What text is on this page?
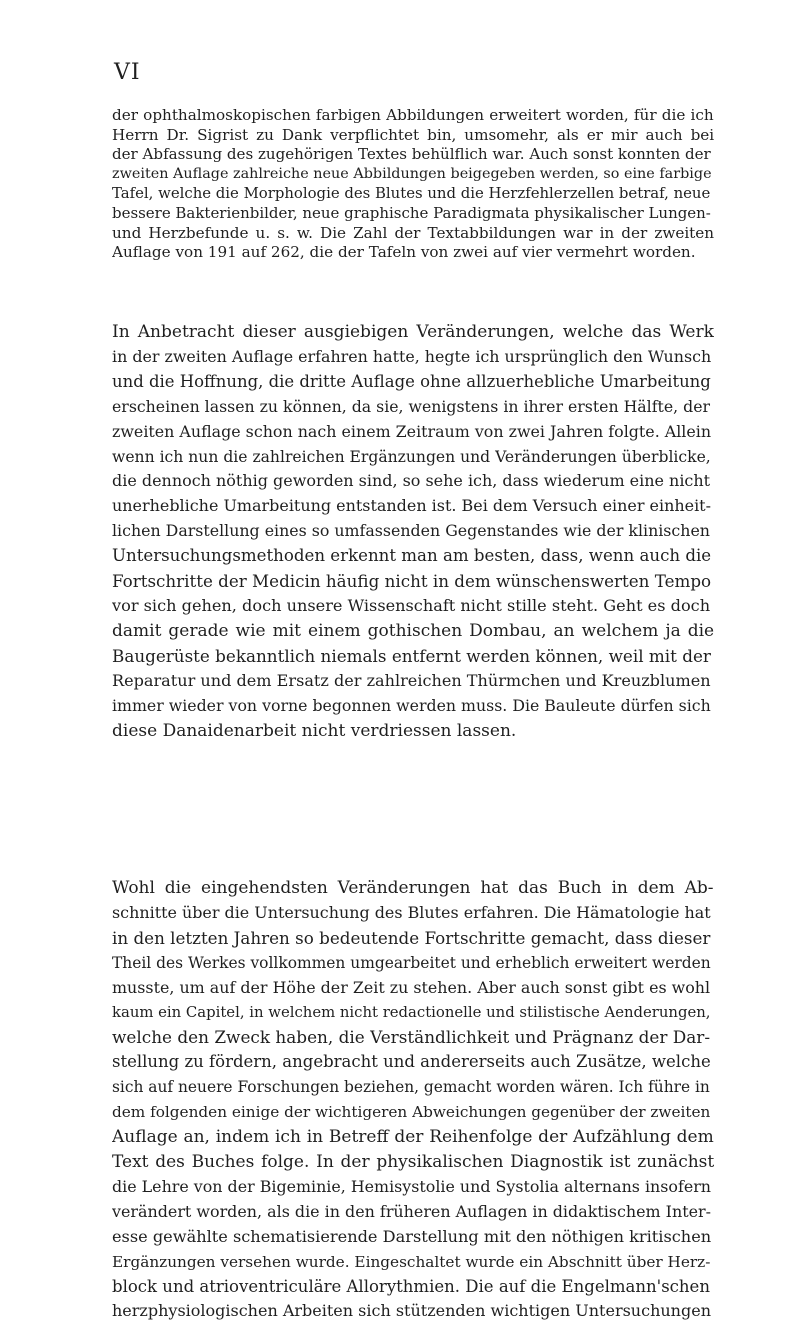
VI
der ophthalmoskopischen farbigen Abbildungen erweitert worden, für die ich
Herrn Dr. Sigrist zu Dank verpflichtet bin, umsomehr, als er mir auch bei
der Abfassung des zugehörigen Textes behülflich war. Auch sonst konnten der
zweiten Auflage zahlreiche neue Abbildungen beigegeben werden, so eine farbige
Tafel, welche die Morphologie des Blutes und die Herzfehlerzellen betraf, neue
bessere Bakterienbilder, neue graphische Paradigmata physikalischer Lungen-
und Herzbefunde u. s. w. Die Zahl der Textabbildungen war in der zweiten
Auflage von 191 auf 262, die der Tafeln von zwei auf vier vermehrt worden.
In Anbetracht dieser ausgiebigen Veränderungen, welche das Werk
in der zweiten Auflage erfahren hatte, hegte ich ursprünglich den Wunsch
und die Hoffnung, die dritte Auflage ohne allzuerhebliche Umarbeitung
erscheinen lassen zu können, da sie, wenigstens in ihrer ersten Hälfte, der
zweiten Auflage schon nach einem Zeitraum von zwei Jahren folgte. Allein
wenn ich nun die zahlreichen Ergänzungen und Veränderungen überblicke,
die dennoch nöthig geworden sind, so sehe ich, dass wiederum eine nicht
unerhebliche Umarbeitung entstanden ist. Bei dem Versuch einer einheit-
lichen Darstellung eines so umfassenden Gegenstandes wie der klinischen
Untersuchungsmethoden erkennt man am besten, dass, wenn auch die
Fortschritte der Medicin häufig nicht in dem wünschenswerten Tempo
vor sich gehen, doch unsere Wissenschaft nicht stille steht. Geht es doch
damit gerade wie mit einem gothischen Dombau, an welchem ja die
Baugerüste bekanntlich niemals entfernt werden können, weil mit der
Reparatur und dem Ersatz der zahlreichen Thürmchen und Kreuzblumen
immer wieder von vorne begonnen werden muss. Die Bauleute dürfen sich
diese Danaidenarbeit nicht verdriessen lassen.
Wohl die eingehendsten Veränderungen hat das Buch in dem Ab-
schnitte über die Untersuchung des Blutes erfahren. Die Hämatologie hat
in den letzten Jahren so bedeutende Fortschritte gemacht, dass dieser
Theil des Werkes vollkommen umgearbeitet und erheblich erweitert werden
musste, um auf der Höhe der Zeit zu stehen. Aber auch sonst gibt es wohl
kaum ein Capitel, in welchem nicht redactionelle und stilistische Aenderungen,
welche den Zweck haben, die Verständlichkeit und Prägnanz der Dar-
stellung zu fördern, angebracht und andererseits auch Zusätze, welche
sich auf neuere Forschungen beziehen, gemacht worden wären. Ich führe in
dem folgenden einige der wichtigeren Abweichungen gegenüber der zweiten
Auflage an, indem ich in Betreff der Reihenfolge der Aufzählung dem
Text des Buches folge. In der physikalischen Diagnostik ist zunächst
die Lehre von der Bigeminie, Hemisystolie und Systolia alternans insofern
verändert worden, als die in den früheren Auflagen in didaktischem Inter-
esse gewählte schematisierende Darstellung mit den nöthigen kritischen
Ergänzungen versehen wurde. Eingeschaltet wurde ein Abschnitt über Herz-
block und atrioventriculäre Allorythmien. Die auf die Engelmann'schen
herzphysiologischen Arbeiten sich stützenden wichtigen Untersuchungen
